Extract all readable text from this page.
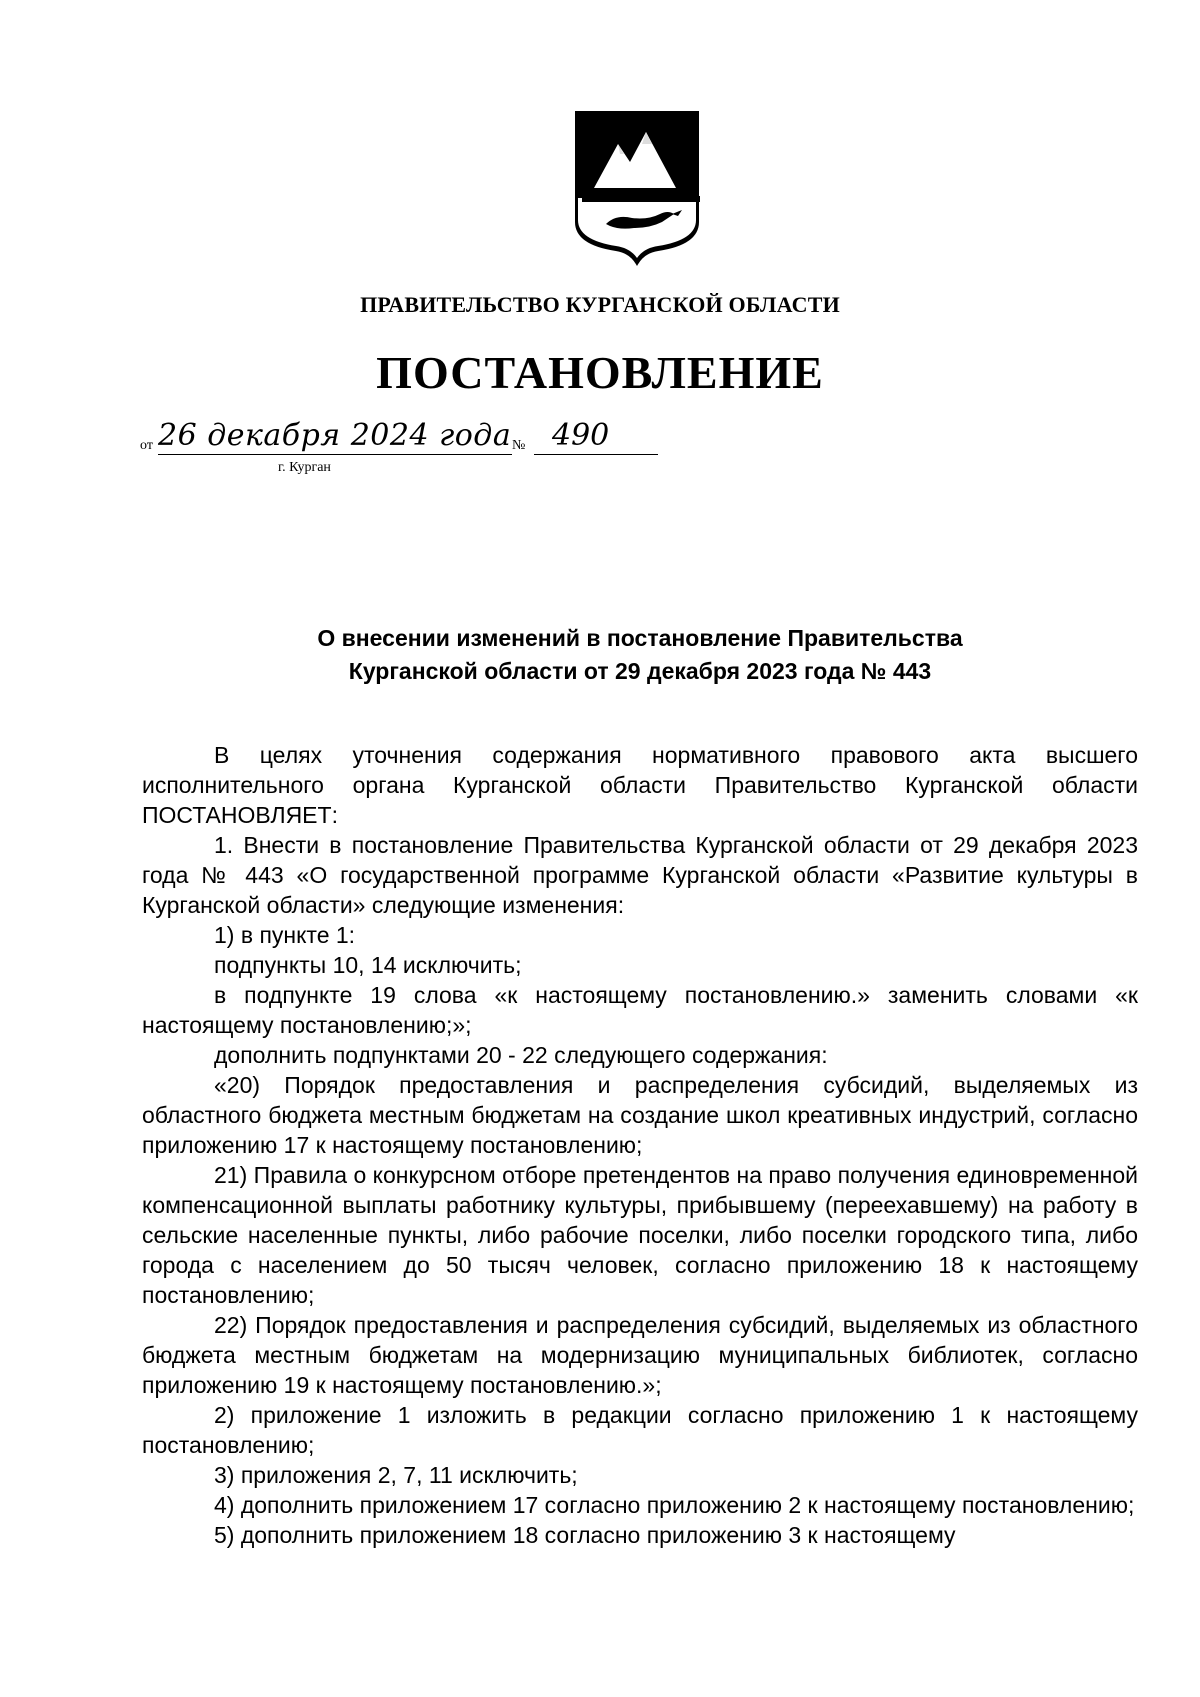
ПРАВИТЕЛЬСТВО КУРГАНСКОЙ ОБЛАСТИ
ПОСТАНОВЛЕНИЕ
от 26 декабря 2024 года № 490
г. Курган
О внесении изменений в постановление Правительства
Курганской области от 29 декабря 2023 года № 443

В целях уточнения содержания нормативного правового акта высшего исполнительного органа Курганской области Правительство Курганской области ПОСТАНОВЛЯЕТ:

1. Внести в постановление Правительства Курганской области от 29 декабря 2023 года № 443 «О государственной программе Курганской области «Развитие культуры в Курганской области» следующие изменения:

1) в пункте 1:

подпункты 10, 14 исключить;

в подпункте 19 слова «к настоящему постановлению.» заменить словами «к настоящему постановлению;»;

дополнить подпунктами 20 - 22 следующего содержания:

«20) Порядок предоставления и распределения субсидий, выделяемых из областного бюджета местным бюджетам на создание школ креативных индустрий, согласно приложению 17 к настоящему постановлению;

21) Правила о конкурсном отборе претендентов на право получения единовременной компенсационной выплаты работнику культуры, прибывшему (переехавшему) на работу в сельские населенные пункты, либо рабочие поселки, либо поселки городского типа, либо города с населением до 50 тысяч человек, согласно приложению 18 к настоящему постановлению;

22) Порядок предоставления и распределения субсидий, выделяемых из областного бюджета местным бюджетам на модернизацию муниципальных библиотек, согласно приложению 19 к настоящему постановлению.»;

2) приложение 1 изложить в редакции согласно приложению 1 к настоящему постановлению;

3) приложения 2, 7, 11 исключить;

4) дополнить приложением 17 согласно приложению 2 к настоящему постановлению;

5) дополнить приложением 18 согласно приложению 3 к настоящему
